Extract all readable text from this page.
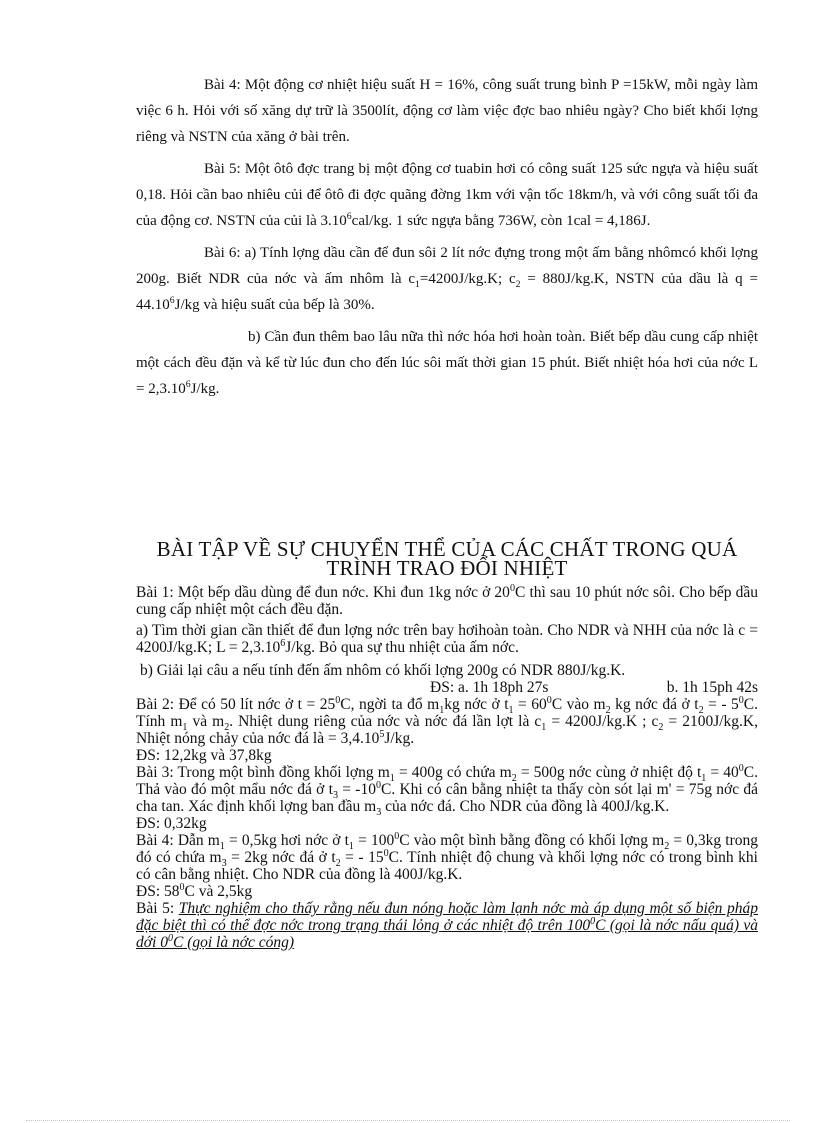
Bài 4: Một động cơ nhiệt hiệu suất H = 16%, công suất trung bình P =15kW, mỗi ngày làm việc 6 h. Hỏi với số xăng dự trữ là 3500lít, động cơ làm việc đợc bao nhiêu ngày? Cho biết khối lợng riêng và NSTN của xăng ở bài trên.

Bài 5: Một ôtô đợc trang bị một động cơ tuabin hơi có công suất 125 sức ngựa và hiệu suất 0,18. Hỏi cần bao nhiêu củi để ôtô đi đợc quãng đờng 1km với vận tốc 18km/h, và với công suất tối đa của động cơ. NSTN của củi là 3.10$^6$cal/kg. 1 sức ngựa bằng 736W, còn 1cal = 4,186J.

Bài 6: a) Tính lợng dầu cần để đun sôi 2 lít nớc đựng trong một ấm bằng nhômcó khối lợng 200g. Biết NDR của nớc và ấm nhôm là $c_1=4200J/kg.K$; $c_2 = 880J/kg.K$, NSTN của dầu là $q = 44.10^6J/kg$ và hiệu suất của bếp là 30%.

b) Cần đun thêm bao lâu nữa thì nớc hóa hơi hoàn toàn. Biết bếp dầu cung cấp nhiệt một cách đều đặn và kể từ lúc đun cho đến lúc sôi mất thời gian 15 phút. Biết nhiệt hóa hơi của nớc $L = 2,3.10^6J/kg$.

BÀI TẬP VỀ SỰ CHUYỂN THỂ CỦA CÁC CHẤT TRONG QUÁ
TRÌNH TRAO ĐỔI NHIỆT

Bài 1: Một bếp dầu dùng để đun nớc. Khi đun 1kg nớc ở $20^0C$ thì sau 10 phút nớc sôi. Cho bếp dầu cung cấp nhiệt một cách đều đặn.

a) Tìm thời gian cần thiết để đun lợng nớc trên bay hơihoàn toàn. Cho NDR và NHH của nớc là c = 4200J/kg.K; $L = 2,3.10^6J/kg$. Bỏ qua sự thu nhiệt của ấm nớc.

b) Giải lại câu a nếu tính đến ấm nhôm có khối lợng 200g có NDR 880J/kg.K.

ĐS: a. 1h 18ph 27s	b. 1h 15ph 42s

Bài 2: Để có 50 lít nớc ở $t = 25^0C$, ngời ta đổ $m_1kg$ nớc ở $t_1 = 60^0C$ vào $m_2$ kg nớc đá ở $t_2$ = - $5^0C$. Tính $m_1$ và $m_2$. Nhiệt dung riêng của nớc và nớc đá lần lợt là $c_1 = 4200J/kg.K$ ; $c_2 = 2100J/kg.K$, Nhiệt nóng chảy của nớc đá là = $3,4.10^5J/kg$.

ĐS: 12,2kg và 37,8kg

Bài 3: Trong một bình đồng khối lợng $m_1 = 400g$ có chứa $m_2 = 500g$ nớc cùng ở nhiệt độ $t_1 = 40^0C$. Thả vào đó một mẩu nớc đá ở $t_3 = -10^0C$. Khi có cân bằng nhiệt ta thấy còn sót lại m' = 75g nớc đá cha tan. Xác định khối lợng ban đầu $m_3$ của nớc đá. Cho NDR của đồng là 400J/kg.K.

ĐS: 0,32kg

Bài 4: Dẫn $m_1 = 0,5kg$ hơi nớc ở $t_1 = 100^0C$ vào một bình bằng đồng có khối lợng $m_2 = 0,3kg$ trong đó có chứa $m_3 = 2kg$ nớc đá ở $t_2$ = - $15^0C$. Tính nhiệt độ chung và khối lợng nớc có trong bình khi có cân bằng nhiệt. Cho NDR của đồng là 400J/kg.K.

ĐS: $58^0C$ và 2,5kg

Bài 5: Thực nghiệm cho thấy rằng nếu đun nóng hoặc làm lạnh nớc mà áp dụng một số biện pháp đặc biệt thì có thể đợc nớc trong trạng thái lỏng ở các nhiệt độ trên $100^0C$ (gọi là nớc nấu quá) và dới $0^0C$ (gọi là nớc cóng)
